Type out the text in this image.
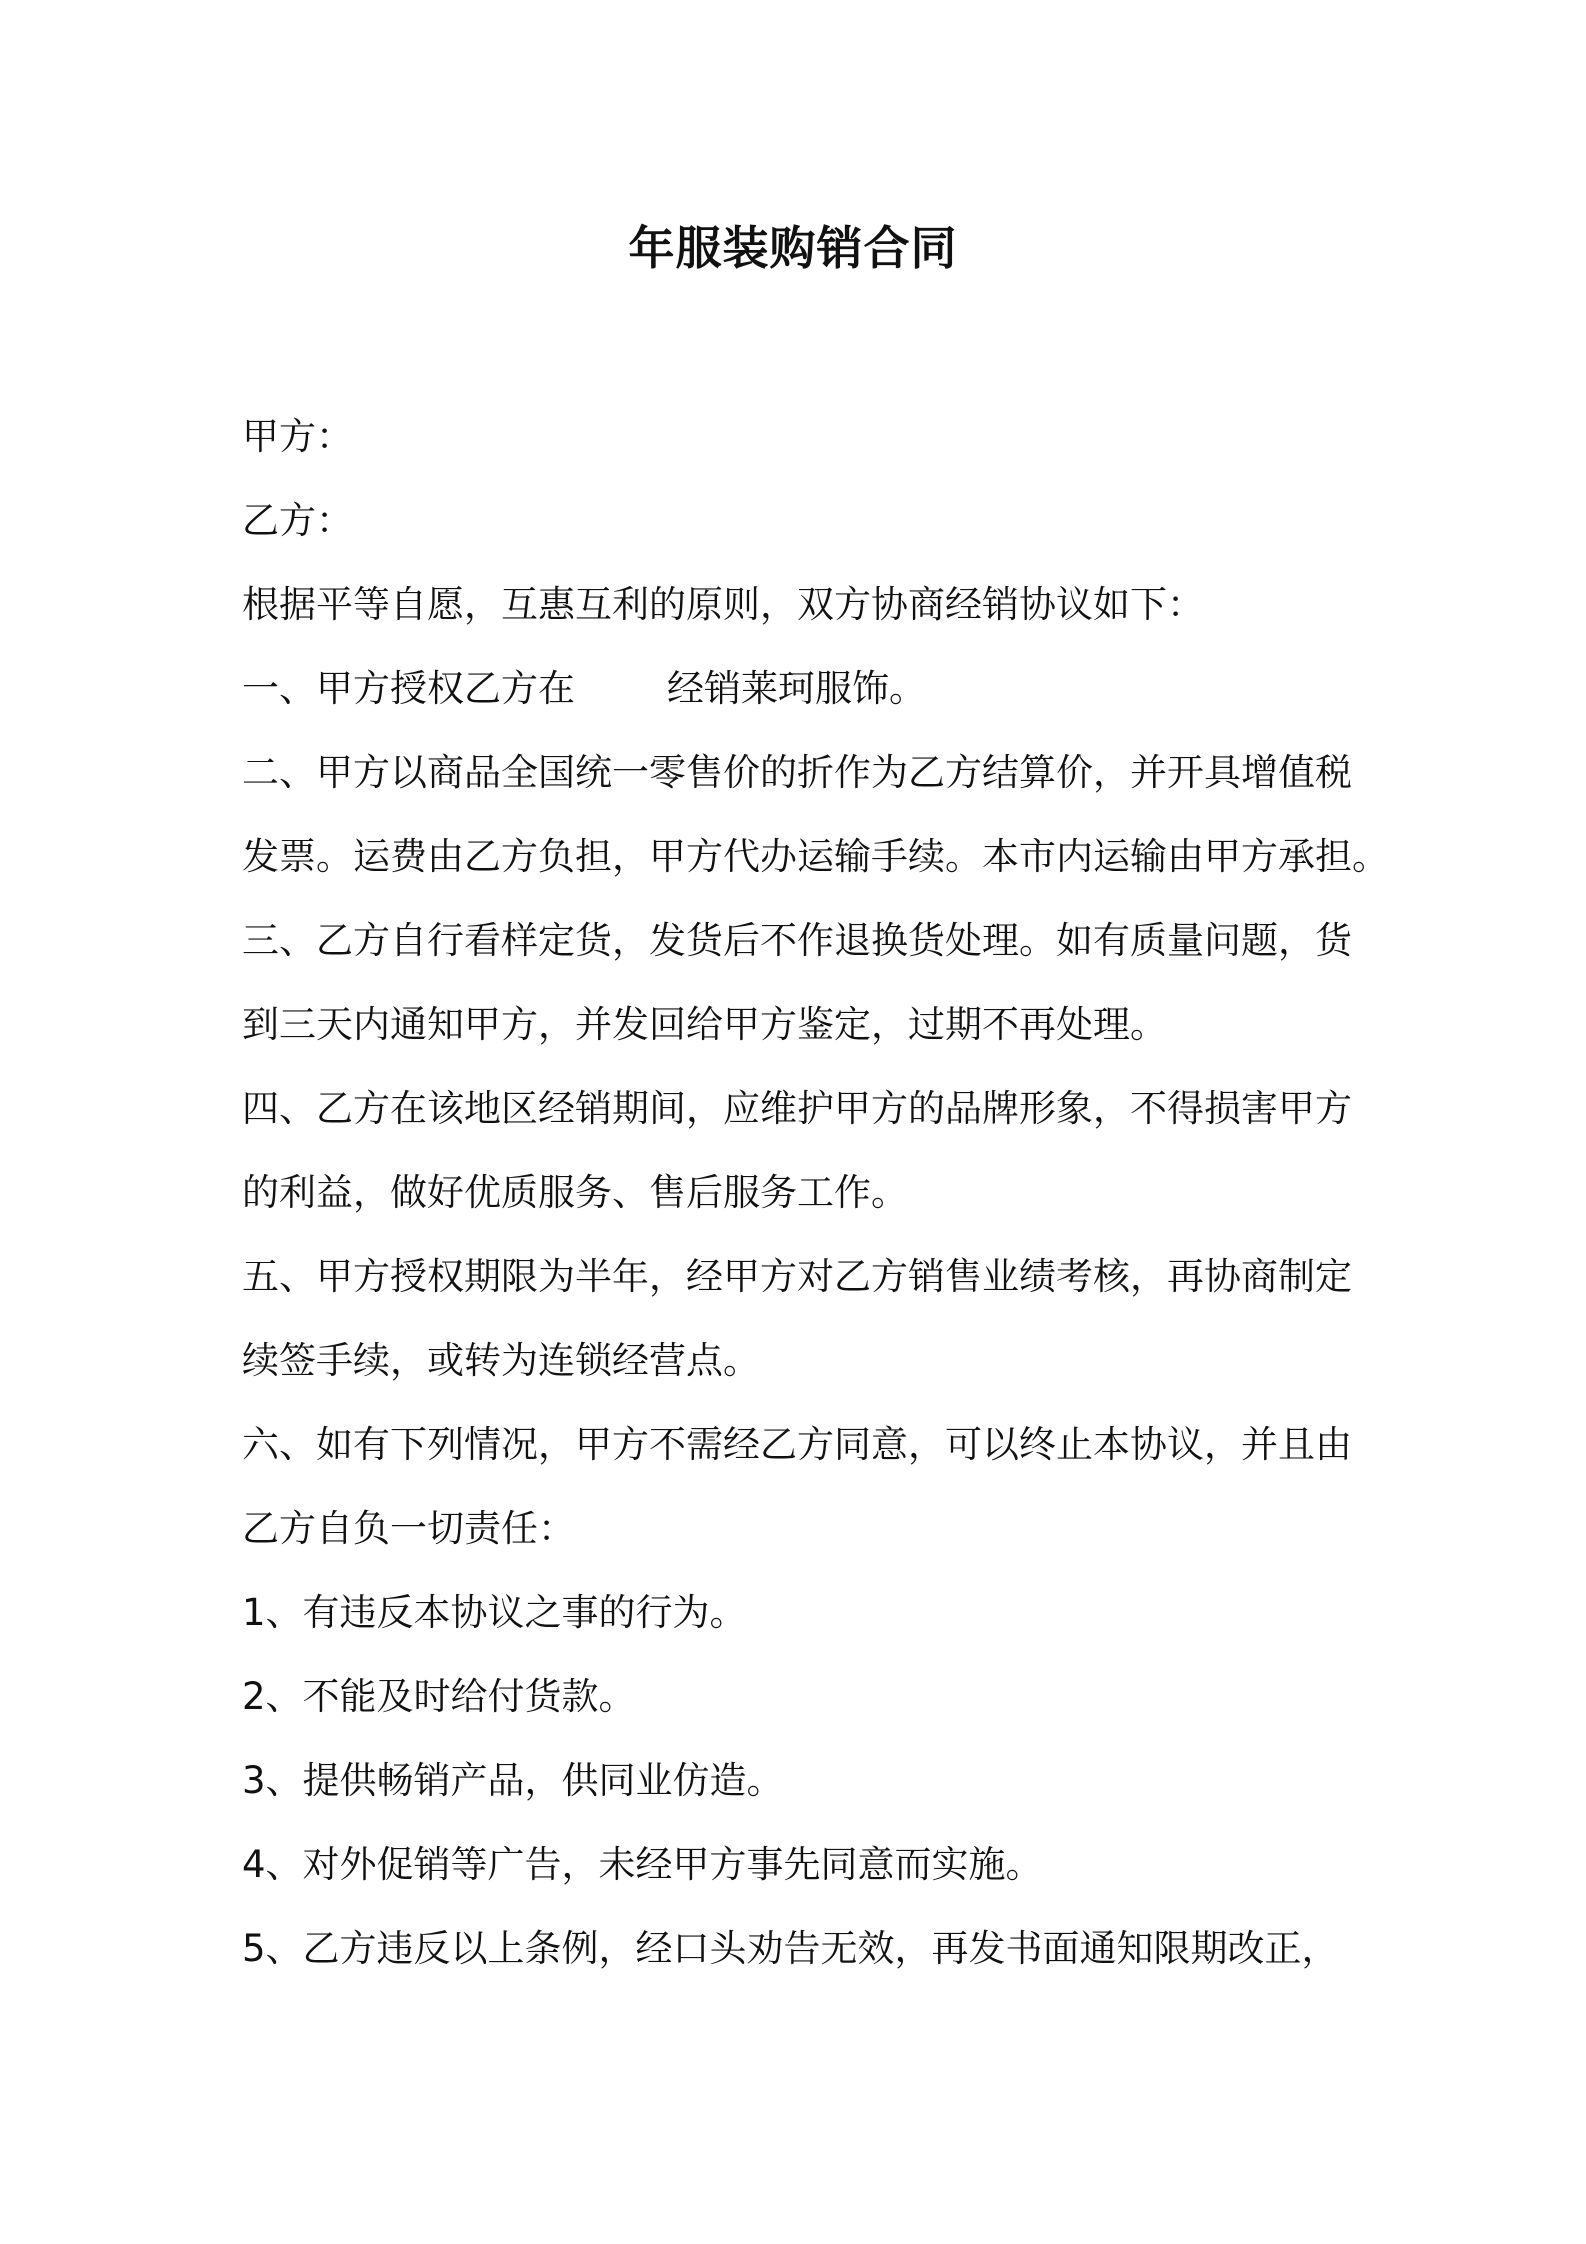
年服装购销合同
甲方：
乙方：
根据平等自愿，互惠互利的原则，双方协商经销协议如下：
一、甲方授权乙方在 经销莱珂服饰。
二、甲方以商品全国统一零售价的折作为乙方结算价，并开具增值税
发票。运费由乙方负担，甲方代办运输手续。本市内运输由甲方承担。
三、乙方自行看样定货，发货后不作退换货处理。如有质量问题，货
到三天内通知甲方，并发回给甲方鉴定，过期不再处理。
四、乙方在该地区经销期间，应维护甲方的品牌形象，不得损害甲方
的利益，做好优质服务、售后服务工作。
五、甲方授权期限为半年，经甲方对乙方销售业绩考核，再协商制定
续签手续，或转为连锁经营点。
六、如有下列情况，甲方不需经乙方同意，可以终止本协议，并且由
乙方自负一切责任：
1、有违反本协议之事的行为。
2、不能及时给付货款。
3、提供畅销产品，供同业仿造。
4、对外促销等广告，未经甲方事先同意而实施。
5、乙方违反以上条例，经口头劝告无效，再发书面通知限期改正，
